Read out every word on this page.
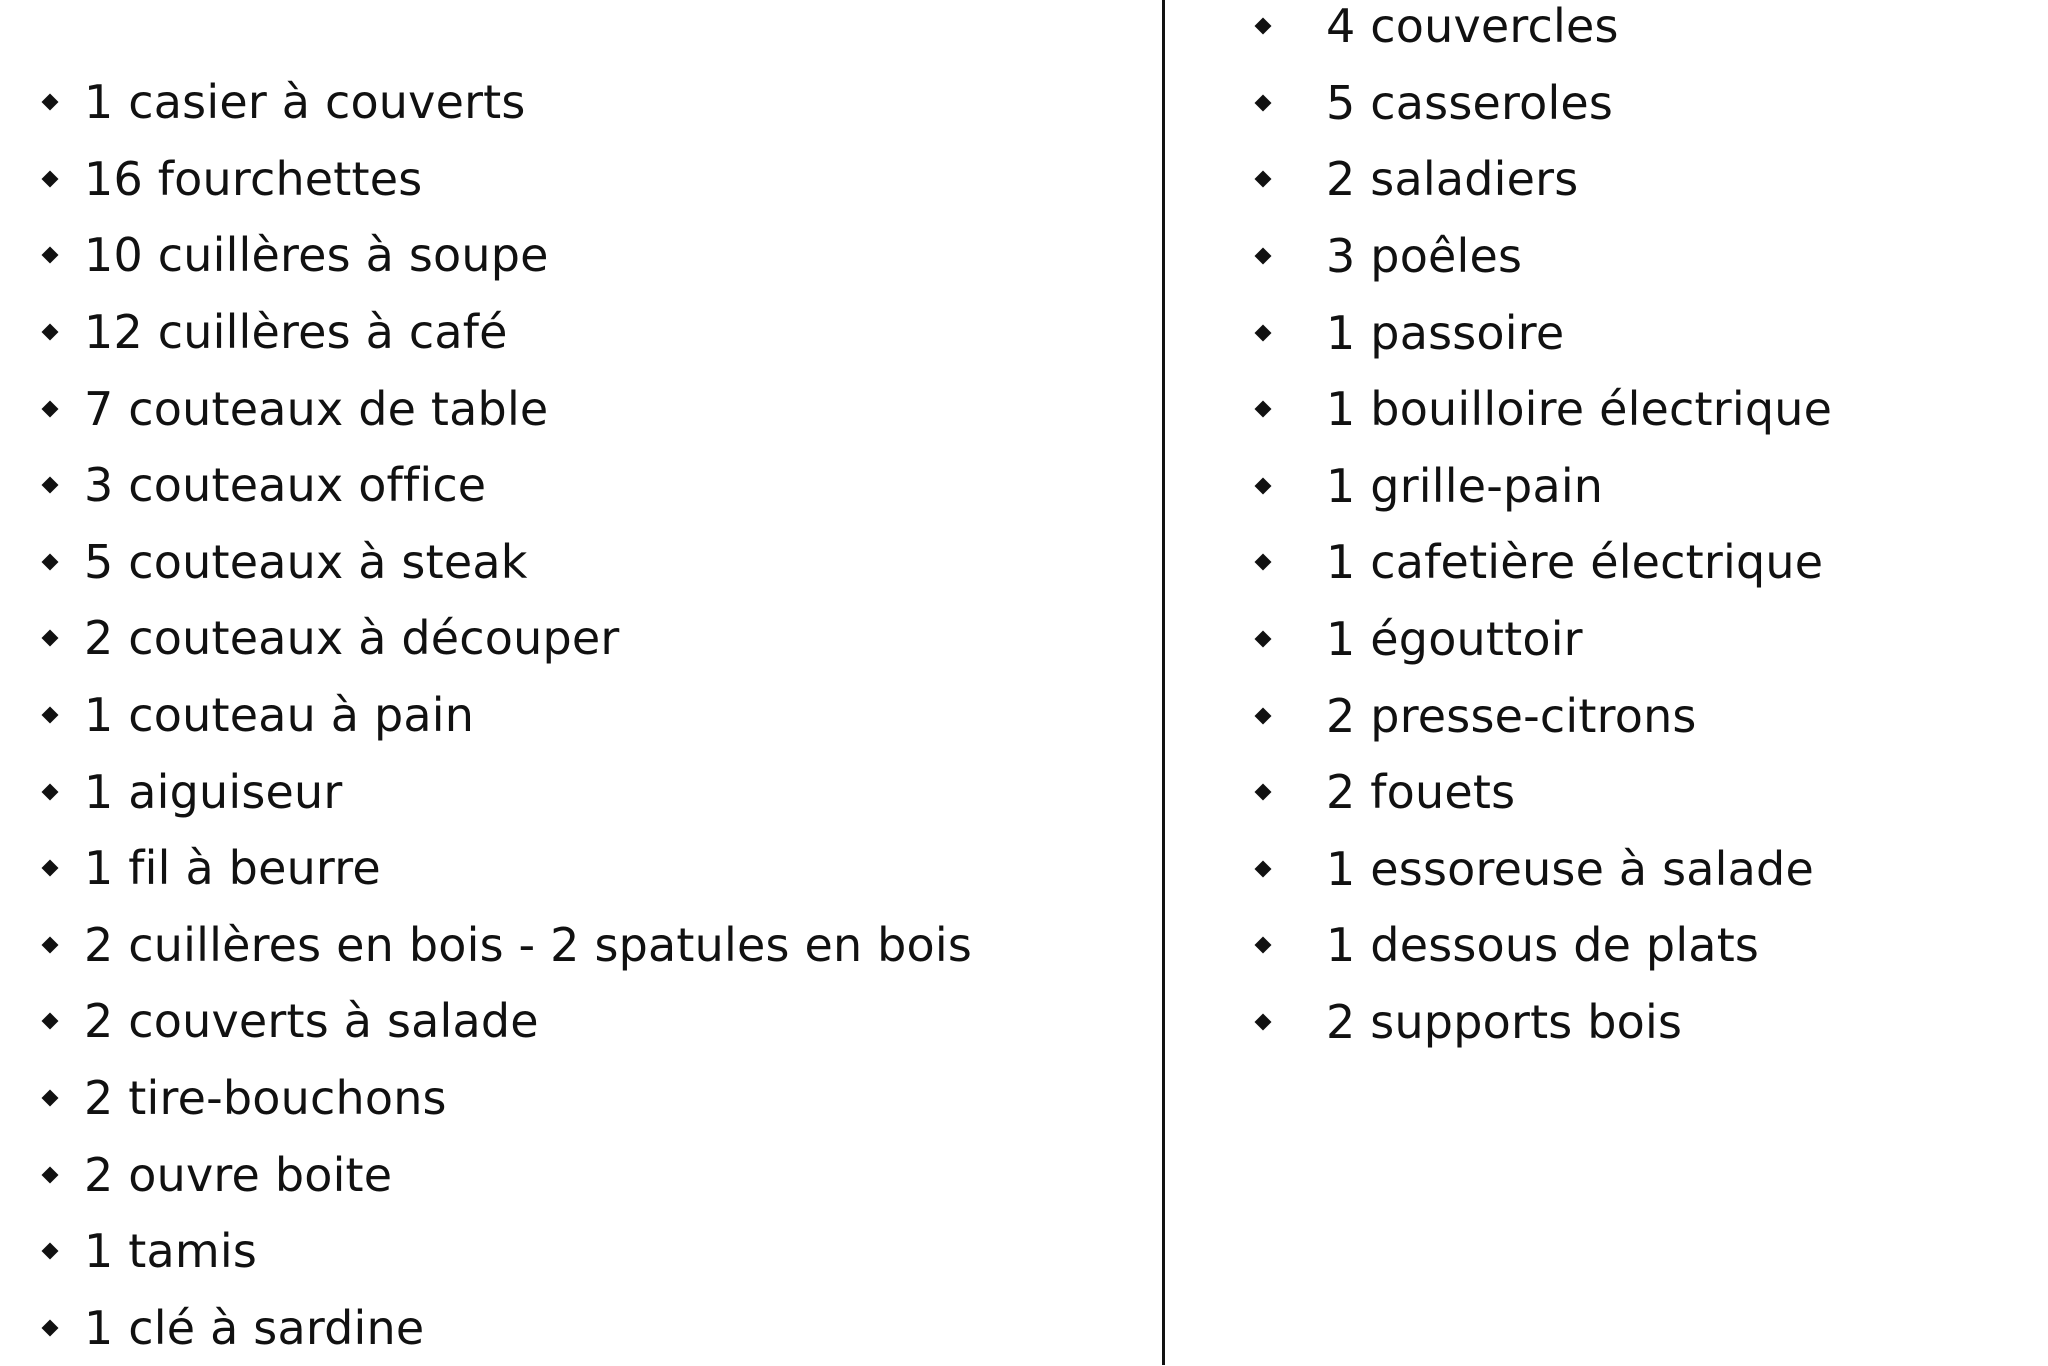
1 casier à couverts
16 fourchettes
10 cuillères à soupe
12 cuillères à café
7 couteaux de table
3 couteaux office
5 couteaux à steak
2 couteaux à découper
1 couteau à pain
1 aiguiseur
1 fil à beurre
2 cuillères en bois - 2 spatules en bois
2 couverts à salade
2 tire-bouchons
2 ouvre boite
1 tamis
1 clé à sardine
4 couvercles
5 casseroles
2 saladiers
3 poêles
1 passoire
1 bouilloire électrique
1 grille-pain
1 cafetière électrique
1 égouttoir
2 presse-citrons
2 fouets
1 essoreuse à salade
1 dessous de plats
2 supports bois
